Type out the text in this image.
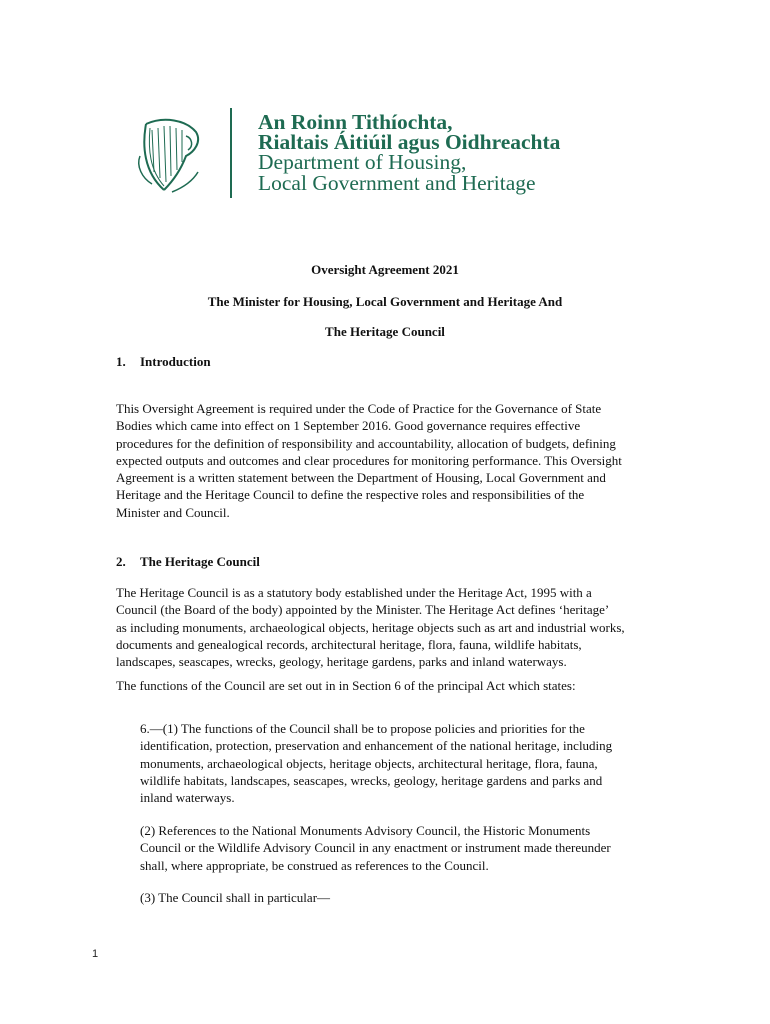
An Roinn Tithíochta,

Rialtais Áitiúil agus Oidhreachta

Department of Housing,

Local Government and Heritage

Oversight Agreement 2021

The Minister for Housing, Local Government and Heritage And

The Heritage Council

1. Introduction

This Oversight Agreement is required under the Code of Practice for the Governance of State
Bodies which came into effect on 1 September 2016. Good governance requires effective
procedures for the definition of responsibility and accountability, allocation of budgets, defining
expected outputs and outcomes and clear procedures for monitoring performance. This Oversight
Agreement is a written statement between the Department of Housing, Local Government and
Heritage and the Heritage Council to define the respective roles and responsibilities of the
Minister and Council.

2. The Heritage Council

The Heritage Council is as a statutory body established under the Heritage Act, 1995 with a
Council (the Board of the body) appointed by the Minister. The Heritage Act defines ‘heritage’
as including monuments, archaeological objects, heritage objects such as art and industrial works,
documents and genealogical records, architectural heritage, flora, fauna, wildlife habitats,
landscapes, seascapes, wrecks, geology, heritage gardens, parks and inland waterways.

The functions of the Council are set out in in Section 6 of the principal Act which states:

6.—(1) The functions of the Council shall be to propose policies and priorities for the
identification, protection, preservation and enhancement of the national heritage, including
monuments, archaeological objects, heritage objects, architectural heritage, flora, fauna,
wildlife habitats, landscapes, seascapes, wrecks, geology, heritage gardens and parks and
inland waterways.

(2) References to the National Monuments Advisory Council, the Historic Monuments
Council or the Wildlife Advisory Council in any enactment or instrument made thereunder
shall, where appropriate, be construed as references to the Council.

(3) The Council shall in particular—

1
